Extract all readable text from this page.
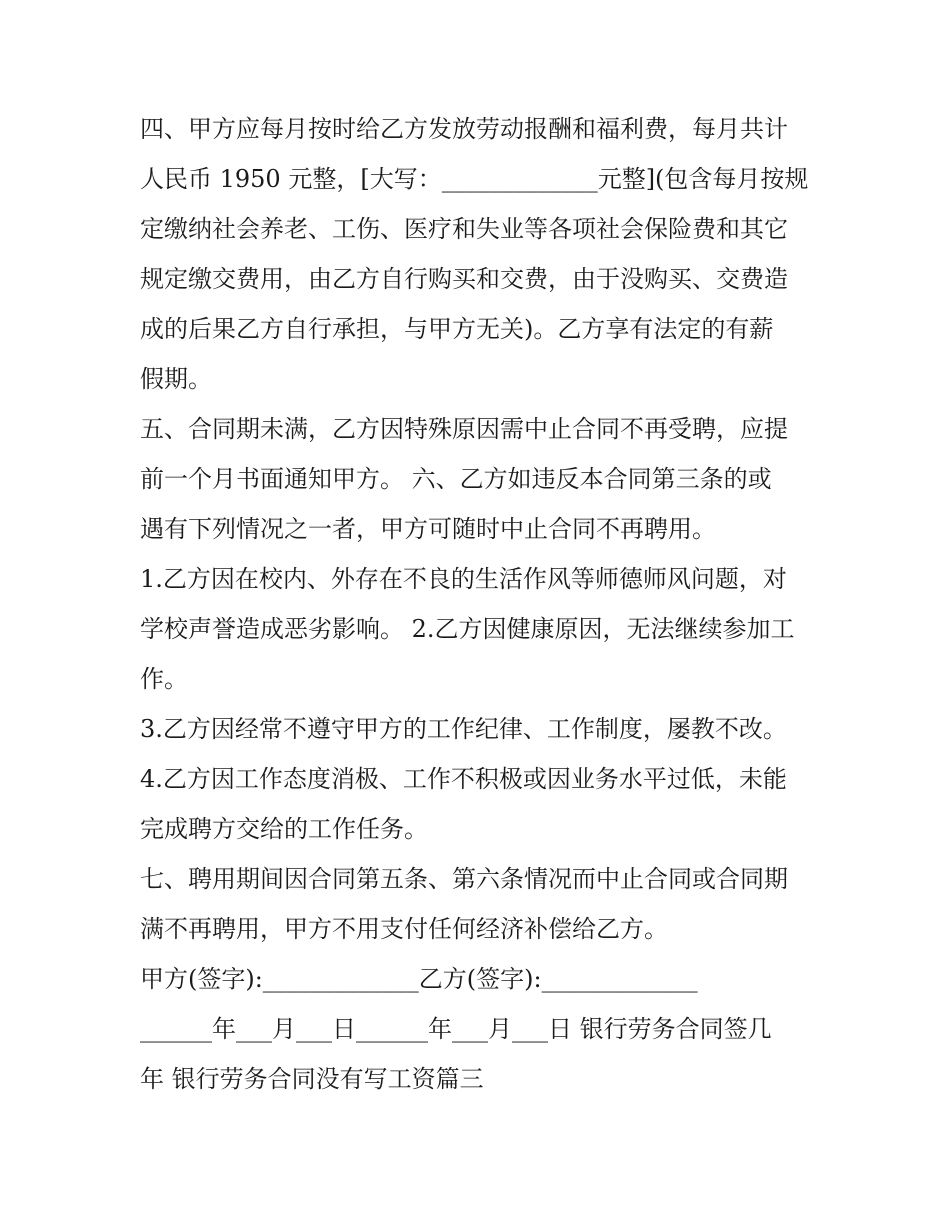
四、甲方应每月按时给乙方发放劳动报酬和福利费，每月共计
人民币 1950 元整，[大写：_____________元整](包含每月按规
定缴纳社会养老、工伤、医疗和失业等各项社会保险费和其它
规定缴交费用，由乙方自行购买和交费，由于没购买、交费造
成的后果乙方自行承担，与甲方无关)。乙方享有法定的有薪
假期。

五、合同期未满，乙方因特殊原因需中止合同不再受聘，应提
前一个月书面通知甲方。 六、乙方如违反本合同第三条的或
遇有下列情况之一者，甲方可随时中止合同不再聘用。

1.乙方因在校内、外存在不良的生活作风等师德师风问题，对
学校声誉造成恶劣影响。 2.乙方因健康原因，无法继续参加工
作。

3.乙方因经常不遵守甲方的工作纪律、工作制度，屡教不改。

4.乙方因工作态度消极、工作不积极或因业务水平过低，未能
完成聘方交给的工作任务。

七、聘用期间因合同第五条、第六条情况而中止合同或合同期
满不再聘用，甲方不用支付任何经济补偿给乙方。

甲方(签字):_____________乙方(签字):_____________

______年___月___日______年___月___日 银行劳务合同签几
年 银行劳务合同没有写工资篇三
